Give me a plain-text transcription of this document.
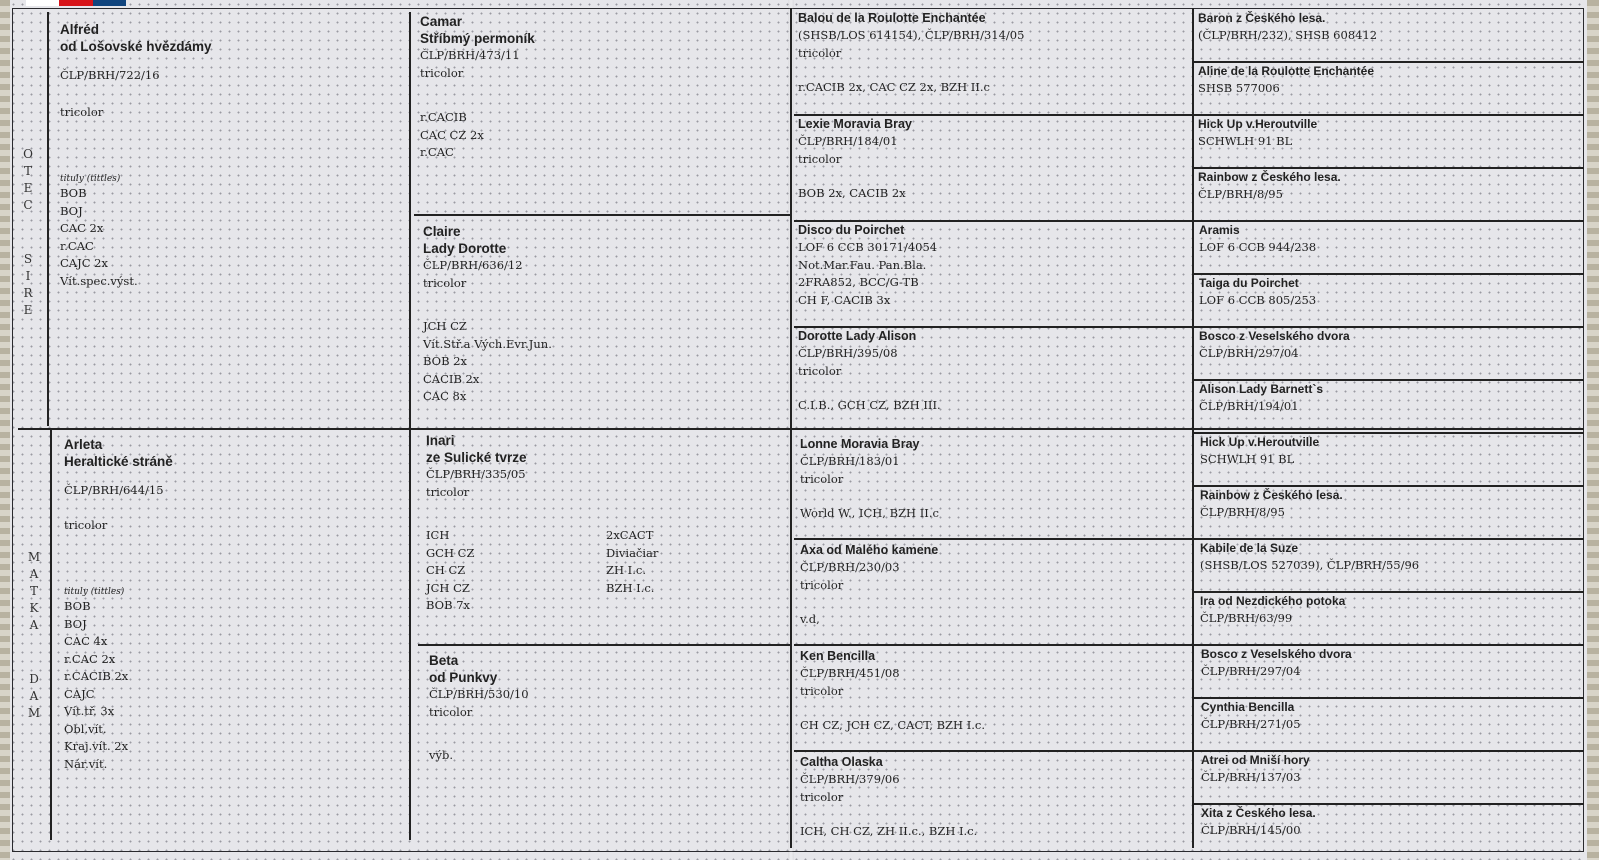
O
T
E
C
S
I
R
E
M
A
T
K
A
D
A
M
Alfréd
od Lošovské hvězdámy
ČLP/BRH/722/16
tricolor
tituly (tittles)
BOB
BOJ
CAC 2x
r.CAC
CAJC 2x
Vít.spec.výst.
Arleta
Heraltické stráně
ČLP/BRH/644/15
tricolor
tituly (tittles)
BOB
BOJ
CAC 4x
r.CAC 2x
r.CACIB 2x
CAJC
Vít.tř. 3x
Obl.vít.
Kraj.vít. 2x
Nár.vít.
Camar
Stříbmý permoník
ČLP/BRH/473/11
tricolor
r.CACIB
CAC CZ 2x
r.CAC
Claire
Lady Dorotte
ČLP/BRH/636/12
tricolor
JCH CZ
Vít.Stř.a Vých.Evr.Jun.
BOB 2x
CACIB 2x
CAC 8x
Inari
ze Sulické tvrze
ČLP/BRH/335/05
tricolor
ICH
GCH CZ
CH CZ
JCH CZ
BOB 7x
2xCACT
Diviačiar
ZH I.c.
BZH I.c.
Beta
od Punkvy
ČLP/BRH/530/10
tricolor
výb.
Balou de la Roulotte Enchantée
(SHSB/LOS 614154), ČLP/BRH/314/05
tricolor
r.CACIB 2x, CAC CZ 2x, BZH II.c
Lexie Moravia Bray
ČLP/BRH/184/01
tricolor
BOB 2x, CACIB 2x
Disco du Poirchet
LOF 6 CCB 30171/4054
Not.Mar.Fau. Pan.Bla.
2FRA852, BCC/G-TB
CH F, CACIB 3x
Dorotte Lady Alison
ČLP/BRH/395/08
tricolor
C.I.B., GCH CZ, BZH III.
Lonne Moravia Bray
ČLP/BRH/183/01
tricolor
World W., ICH, BZH II.c
Axa od Malého kamene
ČLP/BRH/230/03
tricolor
v.d,
Ken Bencilla
ČLP/BRH/451/08
tricolor
CH CZ, JCH CZ, CACT, BZH I.c.
Caltha Olaska
ČLP/BRH/379/06
tricolor
ICH, CH CZ, ZH II.c., BZH I.c.
Baron z Českého lesa.
(ČLP/BRH/232), SHSB 608412
Aline de la Roulotte Enchantée
SHSB 577006
Hick Up v.Heroutville
SCHWLH 91 BL
Rainbow z Českého lesa.
ČLP/BRH/8/95
Aramis
LOF 6 CCB 944/238
Taiga du Poirchet
LOF 6 CCB 805/253
Bosco z Veselského dvora
ČLP/BRH/297/04
Alison Lady Barnett`s
ČLP/BRH/194/01
Hick Up v.Heroutville
SCHWLH 91 BL
Rainbow z Českého lesa.
ČLP/BRH/8/95
Kabile de la Suze
(SHSB/LOS 527039), ČLP/BRH/55/96
Ira od Nezdického potoka
ČLP/BRH/63/99
Bosco z Veselského dvora
ČLP/BRH/297/04
Cynthia Bencilla
ČLP/BRH/271/05
Atrei od Mniší hory
ČLP/BRH/137/03
Xita z Českého lesa.
ČLP/BRH/145/00
